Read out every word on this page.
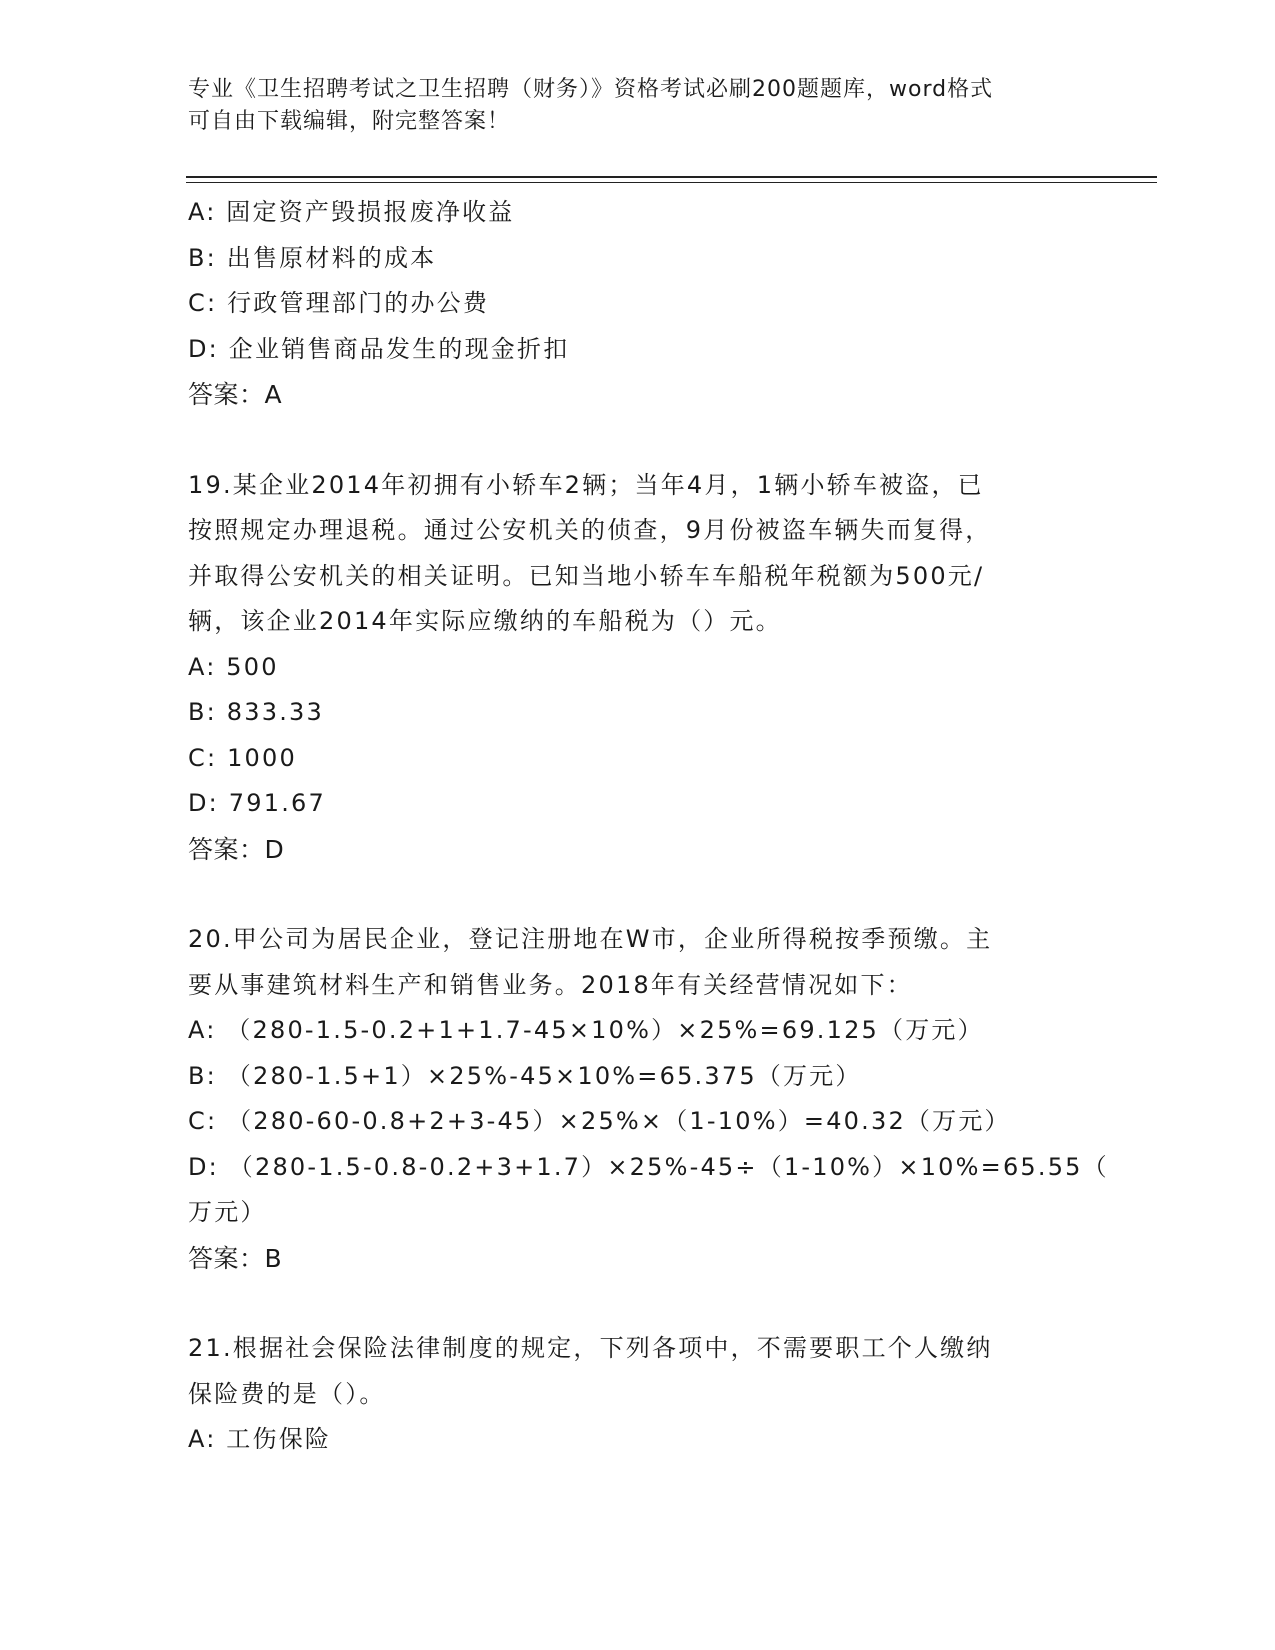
专业《卫生招聘考试之卫生招聘（财务）》资格考试必刷200题题库，word格式
可自由下载编辑，附完整答案！
A: 固定资产毁损报废净收益
B: 出售原材料的成本
C: 行政管理部门的办公费
D: 企业销售商品发生的现金折扣
答案：A
19.某企业2014年初拥有小轿车2辆；当年4月，1辆小轿车被盗，已
按照规定办理退税。通过公安机关的侦查，9月份被盗车辆失而复得，
并取得公安机关的相关证明。已知当地小轿车车船税年税额为500元/
辆，该企业2014年实际应缴纳的车船税为（）元。
A: 500
B: 833.33
C: 1000
D: 791.67
答案：D
20.甲公司为居民企业，登记注册地在W市，企业所得税按季预缴。主
要从事建筑材料生产和销售业务。2018年有关经营情况如下：
A: （280-1.5-0.2+1+1.7-45×10%）×25%=69.125（万元）
B: （280-1.5+1）×25%-45×10%=65.375（万元）
C: （280-60-0.8+2+3-45）×25%×（1-10%）=40.32（万元）
D: （280-1.5-0.8-0.2+3+1.7）×25%-45÷（1-10%）×10%=65.55（
万元）
答案：B
21.根据社会保险法律制度的规定，下列各项中，不需要职工个人缴纳
保险费的是（）。
A: 工伤保险
